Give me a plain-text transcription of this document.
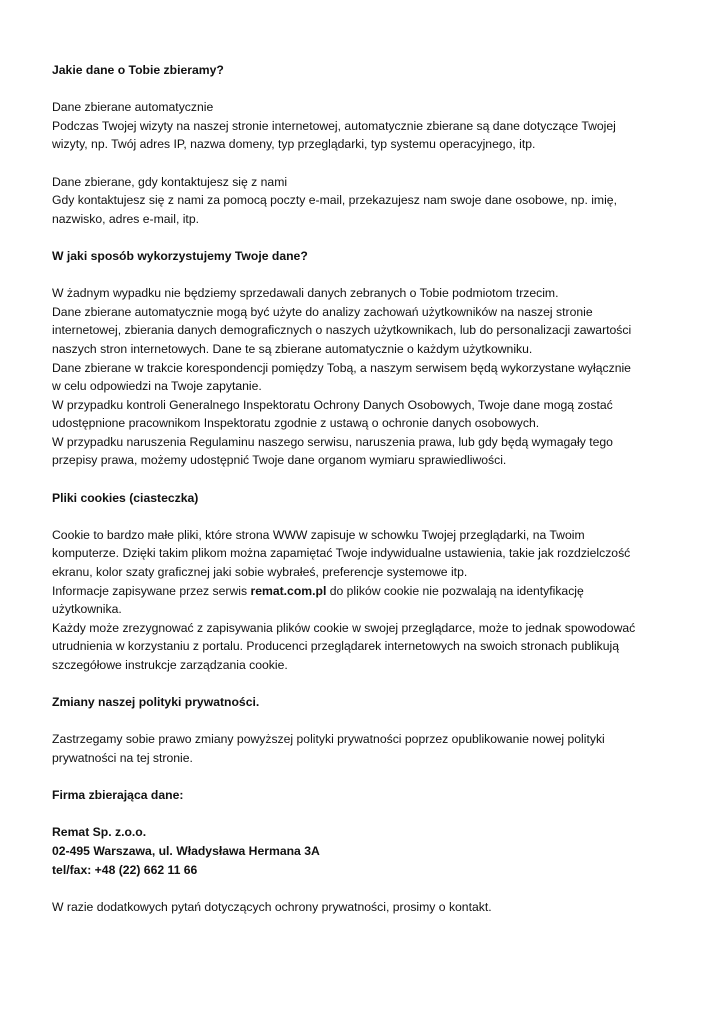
Jakie dane o Tobie zbieramy?
Dane zbierane automatycznie
Podczas Twojej wizyty na naszej stronie internetowej, automatycznie zbierane są dane dotyczące Twojej
wizyty, np. Twój adres IP, nazwa domeny, typ przeglądarki, typ systemu operacyjnego, itp.
Dane zbierane, gdy kontaktujesz się z nami
Gdy kontaktujesz się z nami za pomocą poczty e-mail, przekazujesz nam swoje dane osobowe, np. imię,
nazwisko, adres e-mail, itp.
W jaki sposób wykorzystujemy Twoje dane?
W żadnym wypadku nie będziemy sprzedawali danych zebranych o Tobie podmiotom trzecim.
Dane zbierane automatycznie mogą być użyte do analizy zachowań użytkowników na naszej stronie
internetowej, zbierania danych demograficznych o naszych użytkownikach, lub do personalizacji zawartości
naszych stron internetowych. Dane te są zbierane automatycznie o każdym użytkowniku.
Dane zbierane w trakcie korespondencji pomiędzy Tobą, a naszym serwisem będą wykorzystane wyłącznie
w celu odpowiedzi na Twoje zapytanie.
W przypadku kontroli Generalnego Inspektoratu Ochrony Danych Osobowych, Twoje dane mogą zostać
udostępnione pracownikom Inspektoratu zgodnie z ustawą o ochronie danych osobowych.
W przypadku naruszenia Regulaminu naszego serwisu, naruszenia prawa, lub gdy będą wymagały tego
przepisy prawa, możemy udostępnić Twoje dane organom wymiaru sprawiedliwości.
Pliki cookies (ciasteczka)
Cookie to bardzo małe pliki, które strona WWW zapisuje w schowku Twojej przeglądarki, na Twoim
komputerze. Dzięki takim plikom można zapamiętać Twoje indywidualne ustawienia, takie jak rozdzielczość
ekranu, kolor szaty graficznej jaki sobie wybrałeś, preferencje systemowe itp.
Informacje zapisywane przez serwis remat.com.pl do plików cookie nie pozwalają na identyfikację
użytkownika.
Każdy może zrezygnować z zapisywania plików cookie w swojej przeglądarce, może to jednak spowodować
utrudnienia w korzystaniu z portalu. Producenci przeglądarek internetowych na swoich stronach publikują
szczegółowe instrukcje zarządzania cookie.
Zmiany naszej polityki prywatności.
Zastrzegamy sobie prawo zmiany powyższej polityki prywatności poprzez opublikowanie nowej polityki
prywatności na tej stronie.
Firma zbierająca dane:
Remat Sp. z.o.o.
02-495 Warszawa, ul. Władysława Hermana 3A
tel/fax: +48 (22) 662 11 66
W razie dodatkowych pytań dotyczących ochrony prywatności, prosimy o kontakt.
